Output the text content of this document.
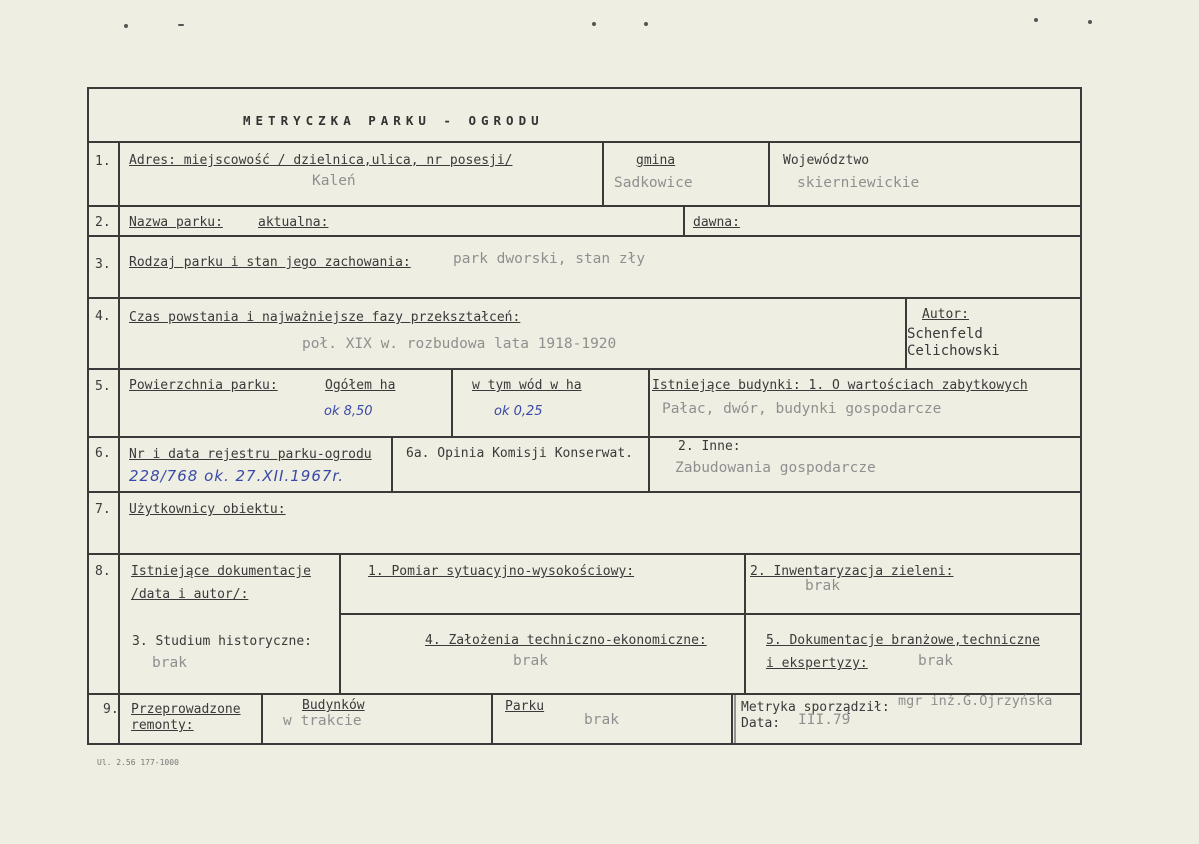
METRYCZKA PARKU - OGRODU
1. Adres: miejscowość / dzielnica,ulica, nr posesji/
Kaleń
gmina
Sadkowice
Województwo
skierniewickie
2. Nazwa parku:	aktualna:	dawna:
3. Rodzaj parku i stan jego zachowania:	park dworski, stan zły
4. Czas powstania i najważniejsze fazy przekształceń:
poł. XIX w. rozbudowa lata 1918-1920
Autor:
Schenfeld
Celichowski
5. Powierzchnia parku:	Ogółem ha
ok 8,50
w tym wód w ha
ok 0,25
Istniejące budynki: 1. O wartościach zabytkowych
Pałac, dwór, budynki gospodarcze
6. Nr i data rejestru parku-ogrodu
228/768 ok. 27.XII.1967r.
6a. Opinia Komisji Konserwat.	2. Inne:
Zabudowania gospodarcze
7. Użytkownicy obiektu:
8. Istniejące dokumentacje
/data i autor/:
1. Pomiar sytuacyjno-wysokościowy:	2. Inwentaryzacja zieleni:
brak
3. Studium historyczne:
brak
4. Założenia techniczno-ekonomiczne:
brak
5. Dokumentacje branżowe,techniczne
i ekspertyzy:	brak
9. Przeprowadzone
remonty:
Budynków
w trakcie
Parku
brak
Metryka sporządził: mgr inż.G.Ojrzyńska
Data: III.79
Ul. 2.56 177-1000
